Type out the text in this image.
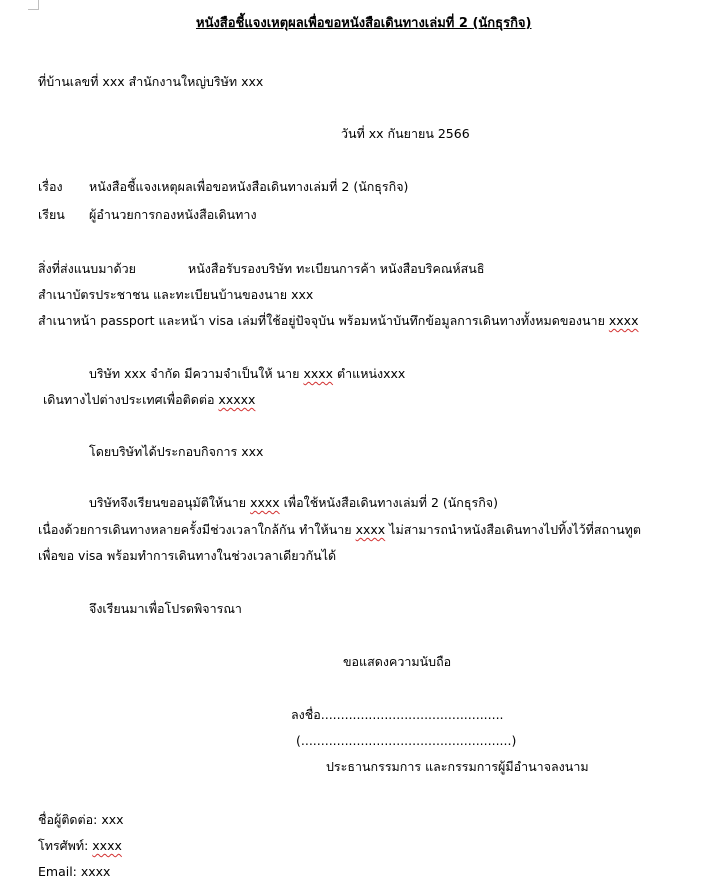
หนังสือชี้แจงเหตุผลเพื่อขอหนังสือเดินทางเล่มที่ 2 (นักธุรกิจ)
ที่บ้านเลขที่ xxx สำนักงานใหญ่บริษัท xxx
วันที่ xx กันยายน 2566
เรื่อง หนังสือชี้แจงเหตุผลเพื่อขอหนังสือเดินทางเล่มที่ 2 (นักธุรกิจ)
เรียน ผู้อำนวยการกองหนังสือเดินทาง
สิ่งที่ส่งแนบมาด้วย	หนังสือรับรองบริษัท ทะเบียนการค้า หนังสือบริคณห์สนธิ
สำเนาบัตรประชาชน และทะเบียนบ้านของนาย xxx
สำเนาหน้า passport และหน้า visa เล่มที่ใช้อยู่ปัจจุบัน พร้อมหน้าบันทึกข้อมูลการเดินทางทั้งหมดของนาย xxxx
บริษัท xxx จำกัด มีความจำเป็นให้ นาย xxxx ตำแหน่งxxx
เดินทางไปต่างประเทศเพื่อติดต่อ xxxxx
โดยบริษัทได้ประกอบกิจการ xxx
บริษัทจึงเรียนขออนุมัติให้นาย xxxx เพื่อใช้หนังสือเดินทางเล่มที่ 2 (นักธุรกิจ)
เนื่องด้วยการเดินทางหลายครั้งมีช่วงเวลาใกล้กัน ทำให้นาย xxxx ไม่สามารถนำหนังสือเดินทางไปทิ้งไว้ที่สถานทูต
เพื่อขอ visa พร้อมทำการเดินทางในช่วงเวลาเดียวกันได้
จึงเรียนมาเพื่อโปรดพิจารณา
ขอแสดงความนับถือ
ลงชื่อ..............................................
(.....................................................)
ประธานกรรมการ และกรรมการผู้มีอำนาจลงนาม
ชื่อผู้ติดต่อ: xxx
โทรศัพท์: xxxx
Email: xxxx
